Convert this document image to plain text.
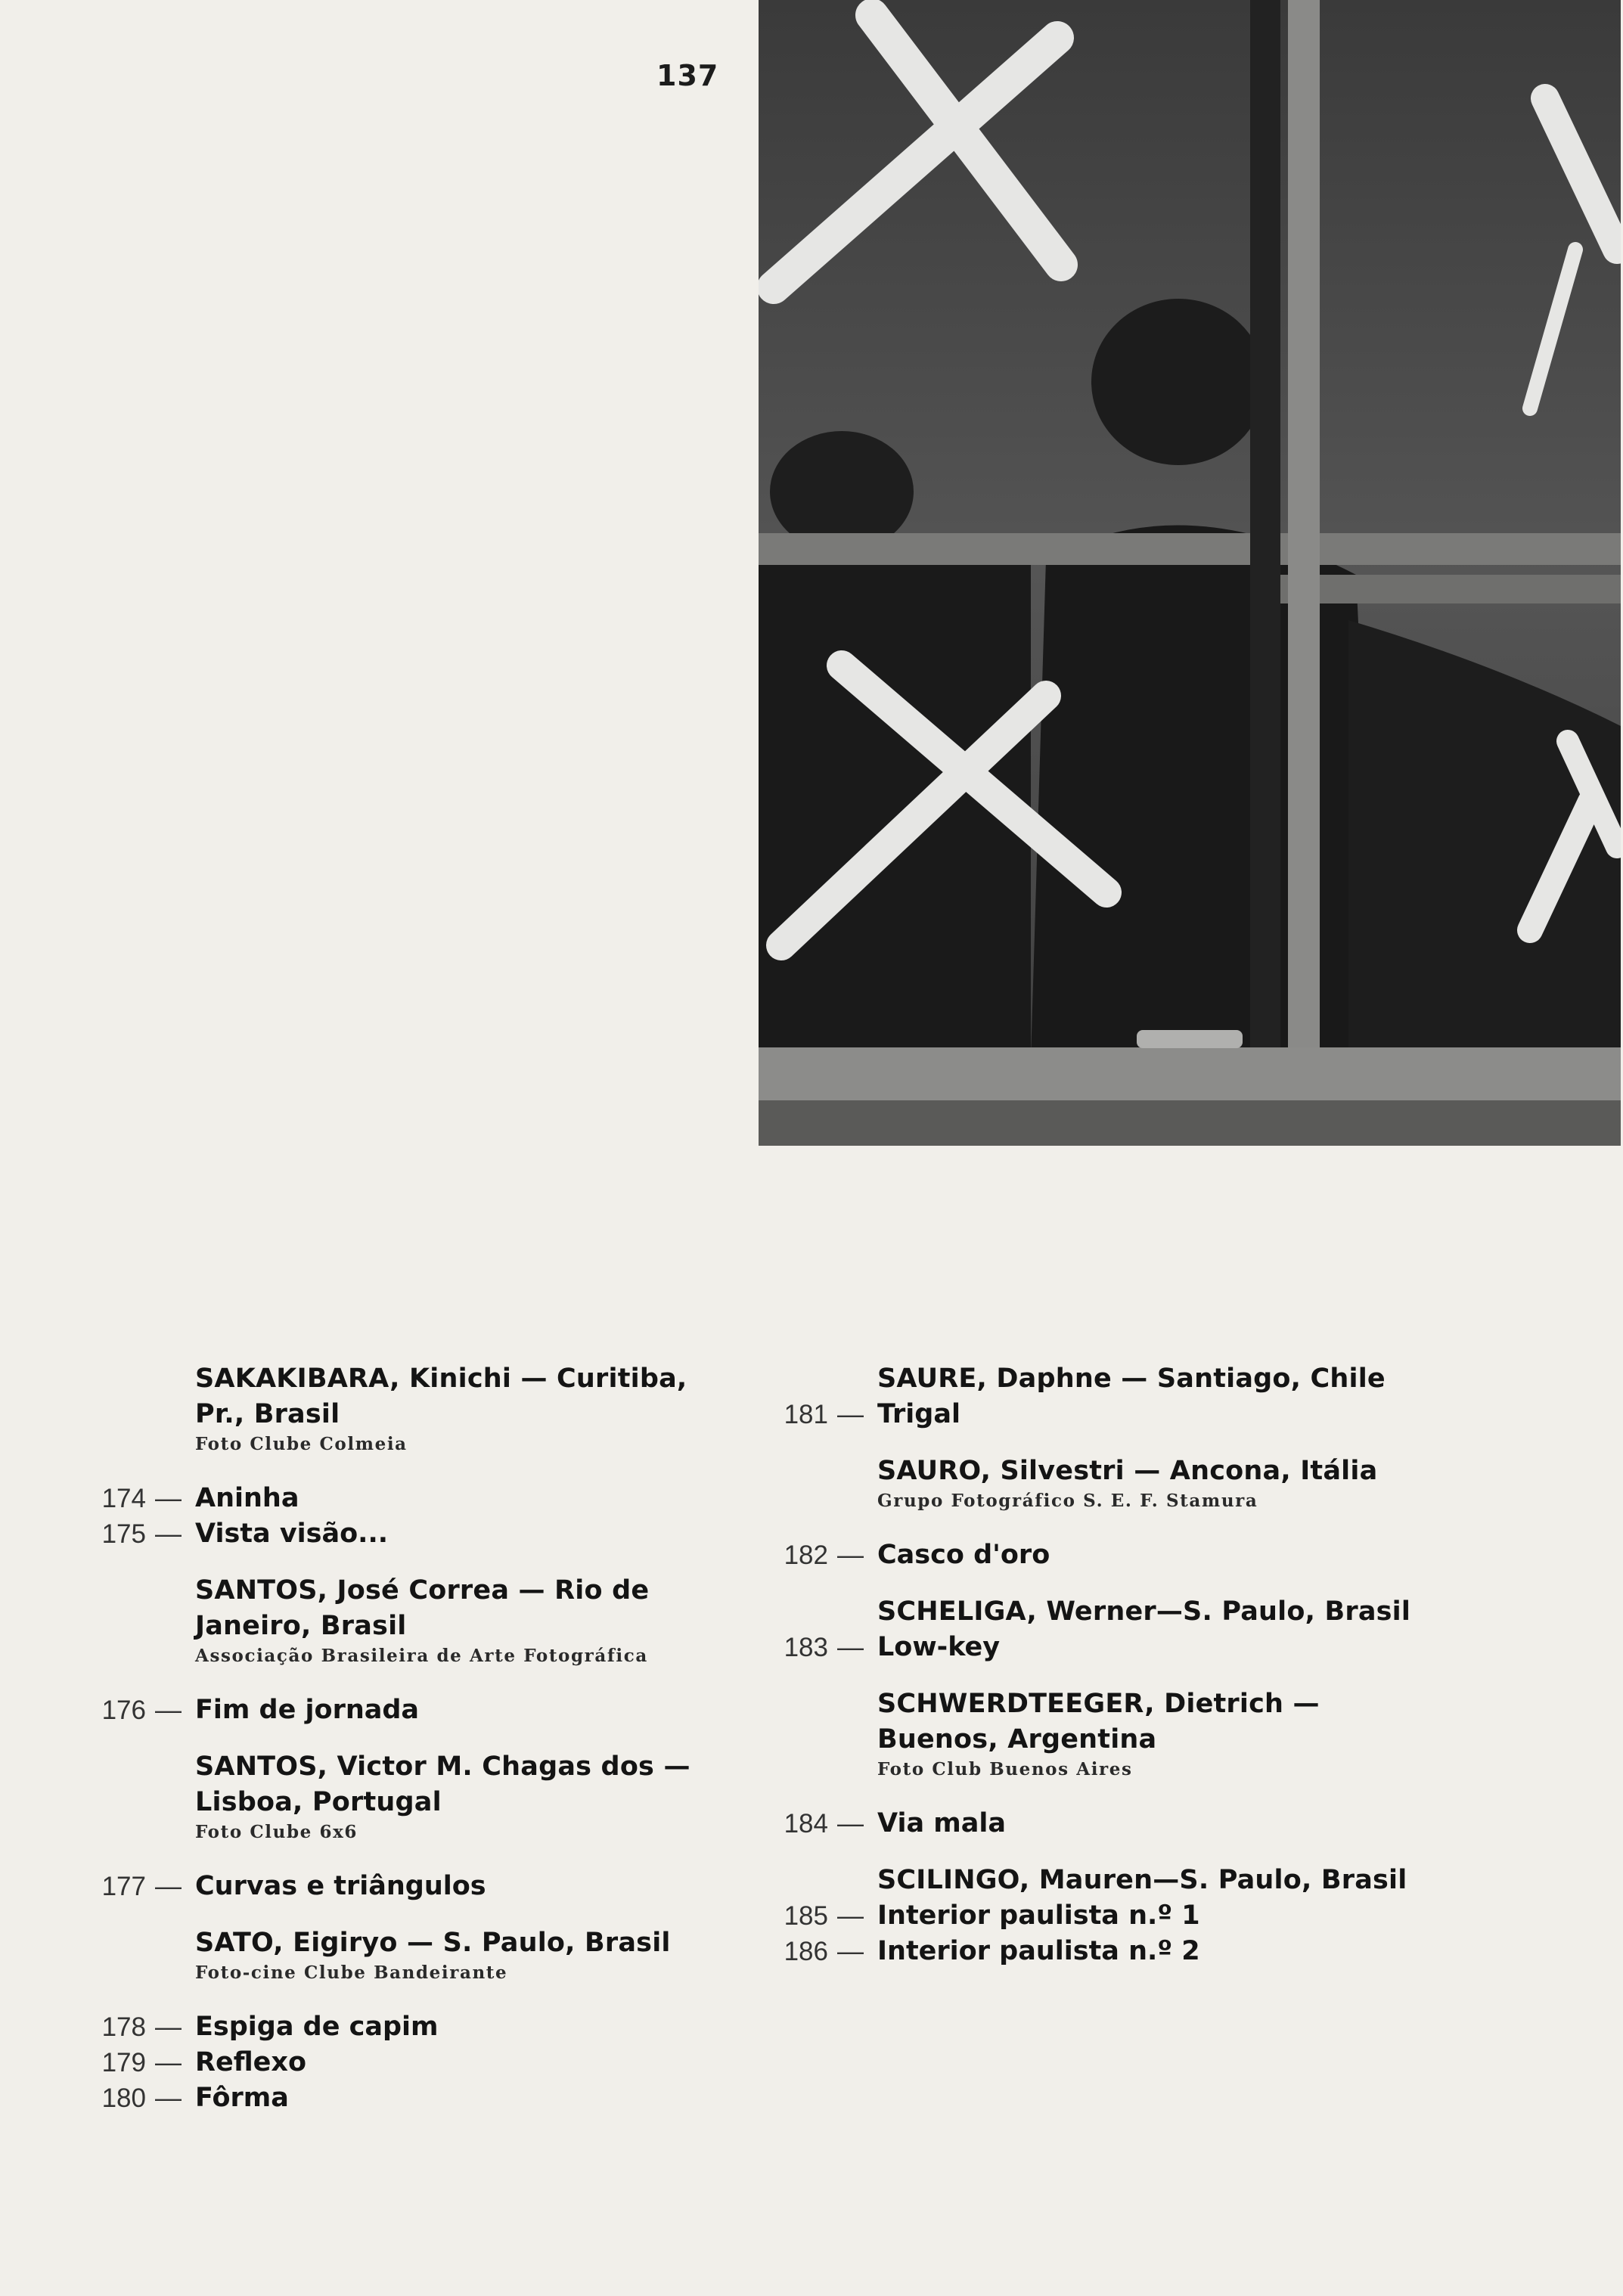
137
SAKAKIBARA, Kinichi — Curitiba,
Pr., Brasil
Foto Clube Colmeia
174 — Aninha
175 — Vista visão...
SANTOS, José Correa — Rio de
Janeiro, Brasil
Associação Brasileira de Arte Fotográfica
176 — Fim de jornada
SANTOS, Victor M. Chagas dos —
Lisboa, Portugal
Foto Clube 6x6
177 — Curvas e triângulos
SATO, Eigiryo — S. Paulo, Brasil
Foto-cine Clube Bandeirante
178 — Espiga de capim
179 — Reflexo
180 — Fôrma
SAURE, Daphne — Santiago, Chile
181 — Trigal
SAURO, Silvestri — Ancona, Itália
Grupo Fotográfico S. E. F. Stamura
182 — Casco d'oro
SCHELIGA, Werner—S. Paulo, Brasil
183 — Low-key
SCHWERDTEEGER, Dietrich —
Buenos, Argentina
Foto Club Buenos Aires
184 — Via mala
SCILINGO, Mauren—S. Paulo, Brasil
185 — Interior paulista n.º 1
186 — Interior paulista n.º 2
